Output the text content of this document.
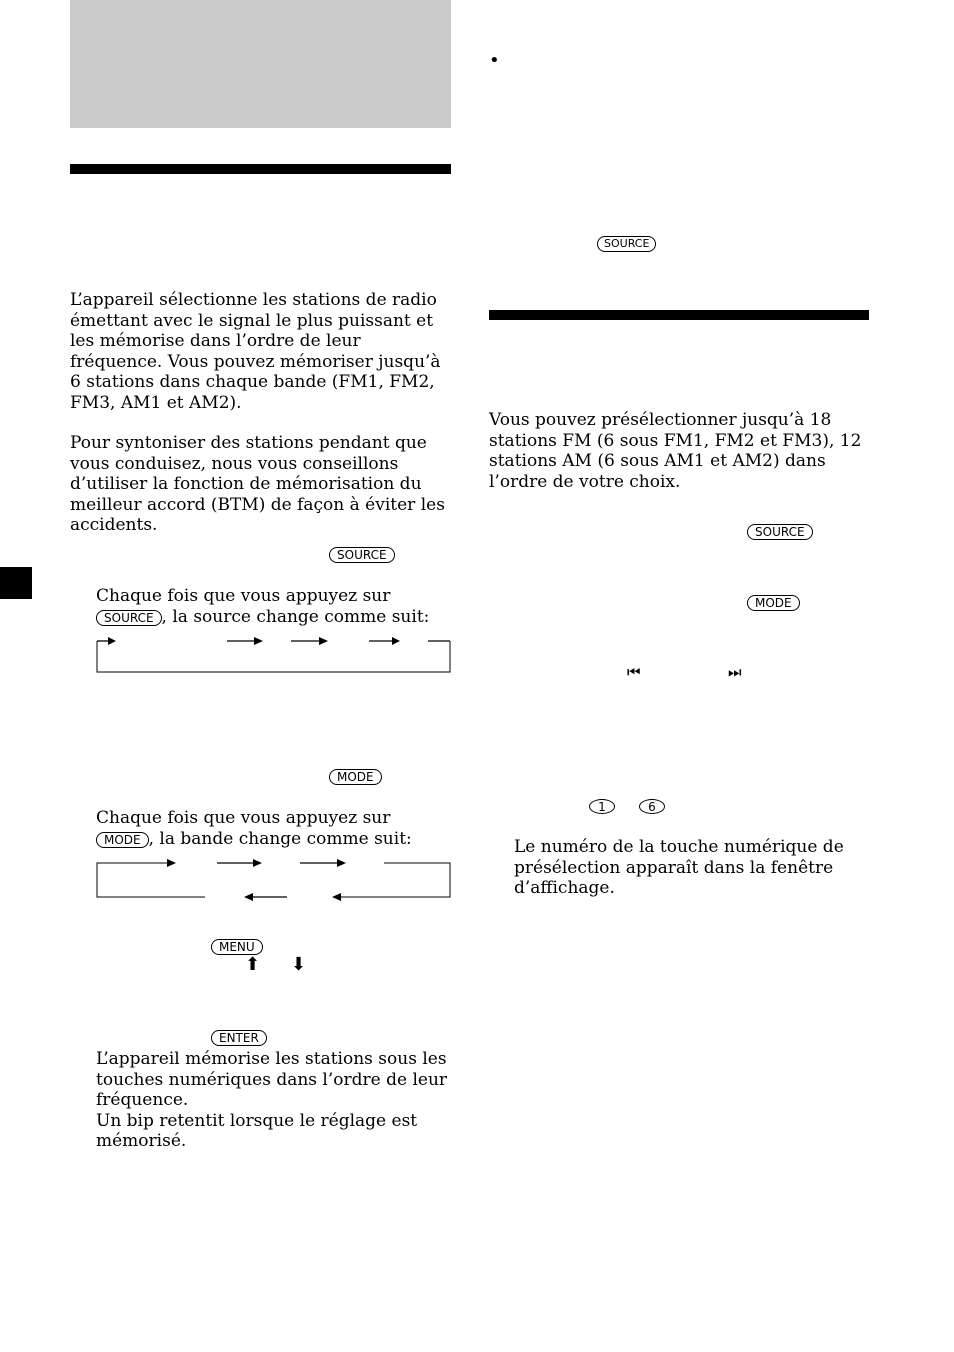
L’appareil sélectionne les stations de radio émettant avec le signal le plus puissant et les mémorise dans l’ordre de leur fréquence. Vous pouvez mémoriser jusqu’à 6 stations dans chaque bande (FM1, FM2, FM3, AM1 et AM2).
Pour syntoniser des stations pendant que vous conduisez, nous vous conseillons d’utiliser la fonction de mémorisation du meilleur accord (BTM) de façon à éviter les accidents.
SOURCE
Chaque fois que vous appuyez sur
SOURCE , la source change comme suit:
MODE
Chaque fois que vous appuyez sur
MODE , la bande change comme suit:
MENU
⬆ ⬇
ENTER
L’appareil mémorise les stations sous les
touches numériques dans l’ordre de leur
fréquence.
Un bip retentit lorsque le réglage est
mémorisé.
•
SOURCE
Vous pouvez présélectionner jusqu’à 18 stations FM (6 sous FM1, FM2 et FM3), 12 stations AM (6 sous AM1 et AM2) dans l’ordre de votre choix.
SOURCE
MODE
⏮	⏭
1	6
Le numéro de la touche numérique de
présélection apparaît dans la fenêtre
d’affichage.
